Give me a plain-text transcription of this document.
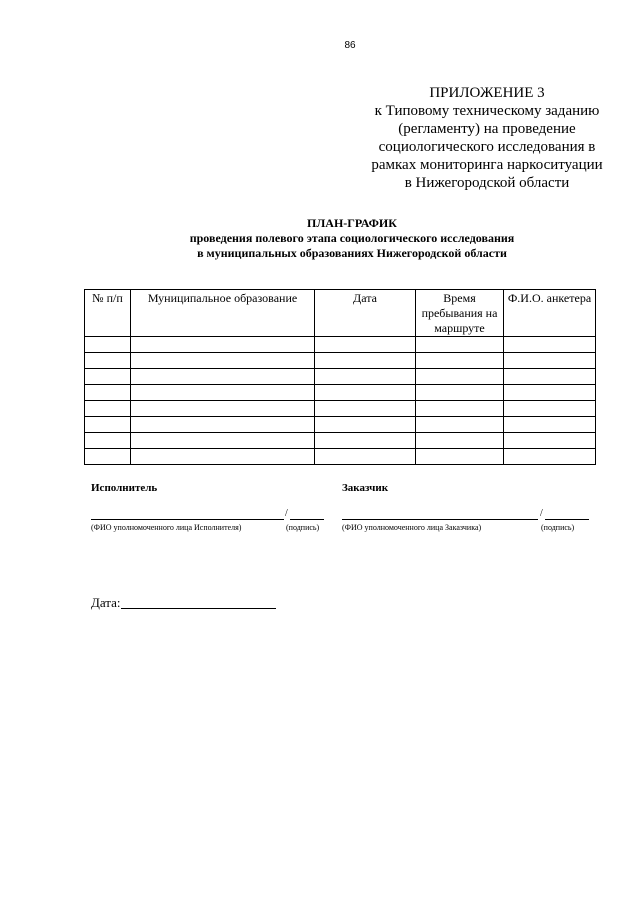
86
ПРИЛОЖЕНИЕ 3
к Типовому техническому заданию
(регламенту) на проведение
социологического исследования в
рамках мониторинга наркоситуации
в Нижегородской области
ПЛАН-ГРАФИК
проведения полевого этапа социологического исследования
в муниципальных образованиях Нижегородской области
№ п/п	Муниципальное образование	Дата	Время пребывания на маршруте	Ф.И.О. анкетера

Исполнитель
/
(ФИО уполномоченного лица Исполнителя)	(подпись)
Заказчик
/
(ФИО уполномоченного лица Заказчика)	(подпись)
Дата:
